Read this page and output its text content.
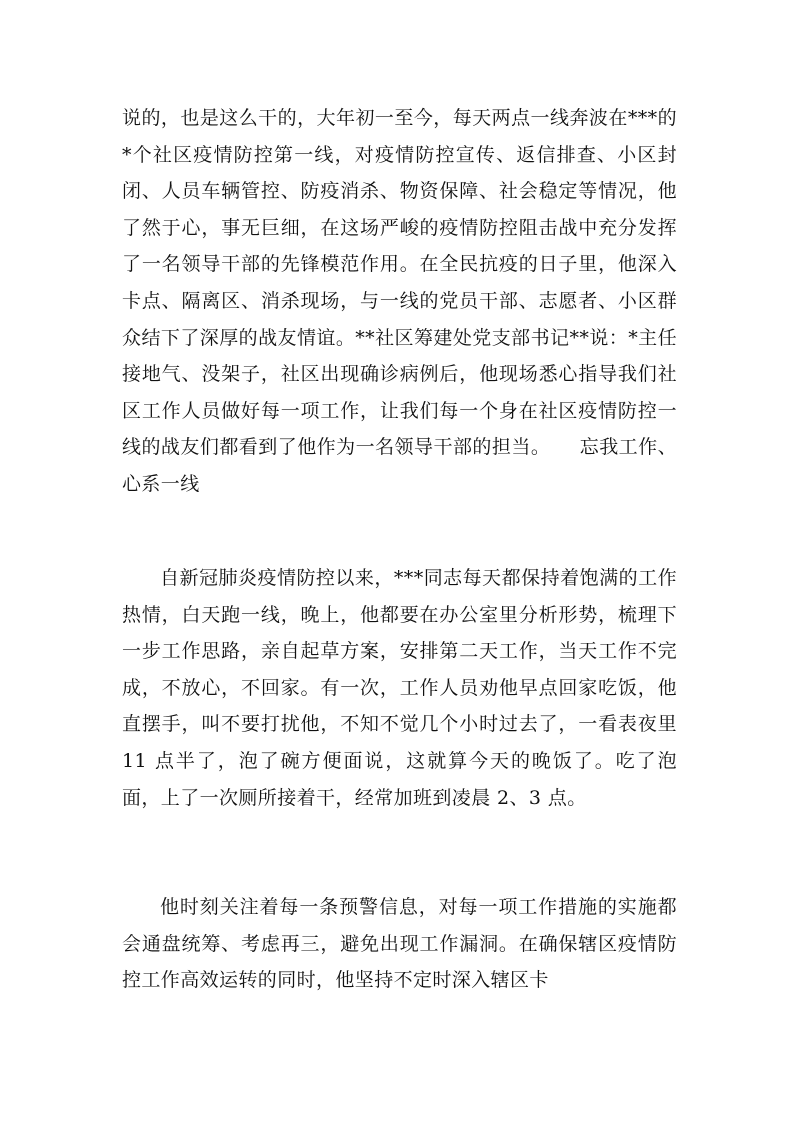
说的，也是这么干的，大年初一至今，每天两点一线奔波在***的*个社区疫情防控第一线，对疫情防控宣传、返信排查、小区封闭、人员车辆管控、防疫消杀、物资保障、社会稳定等情况，他了然于心，事无巨细，在这场严峻的疫情防控阻击战中充分发挥了一名领导干部的先锋模范作用。在全民抗疫的日子里，他深入卡点、隔离区、消杀现场，与一线的党员干部、志愿者、小区群众结下了深厚的战友情谊。**社区筹建处党支部书记**说：*主任接地气、没架子，社区出现确诊病例后，他现场悉心指导我们社区工作人员做好每一项工作，让我们每一个身在社区疫情防控一线的战友们都看到了他作为一名领导干部的担当。　　忘我工作、心系一线

自新冠肺炎疫情防控以来，***同志每天都保持着饱满的工作热情，白天跑一线，晚上，他都要在办公室里分析形势，梳理下一步工作思路，亲自起草方案，安排第二天工作，当天工作不完成，不放心，不回家。有一次，工作人员劝他早点回家吃饭，他直摆手，叫不要打扰他，不知不觉几个小时过去了，一看表夜里 11 点半了，泡了碗方便面说，这就算今天的晚饭了。吃了泡面，上了一次厕所接着干，经常加班到凌晨 2、3 点。

他时刻关注着每一条预警信息，对每一项工作措施的实施都会通盘统筹、考虑再三，避免出现工作漏洞。在确保辖区疫情防控工作高效运转的同时，他坚持不定时深入辖区卡
